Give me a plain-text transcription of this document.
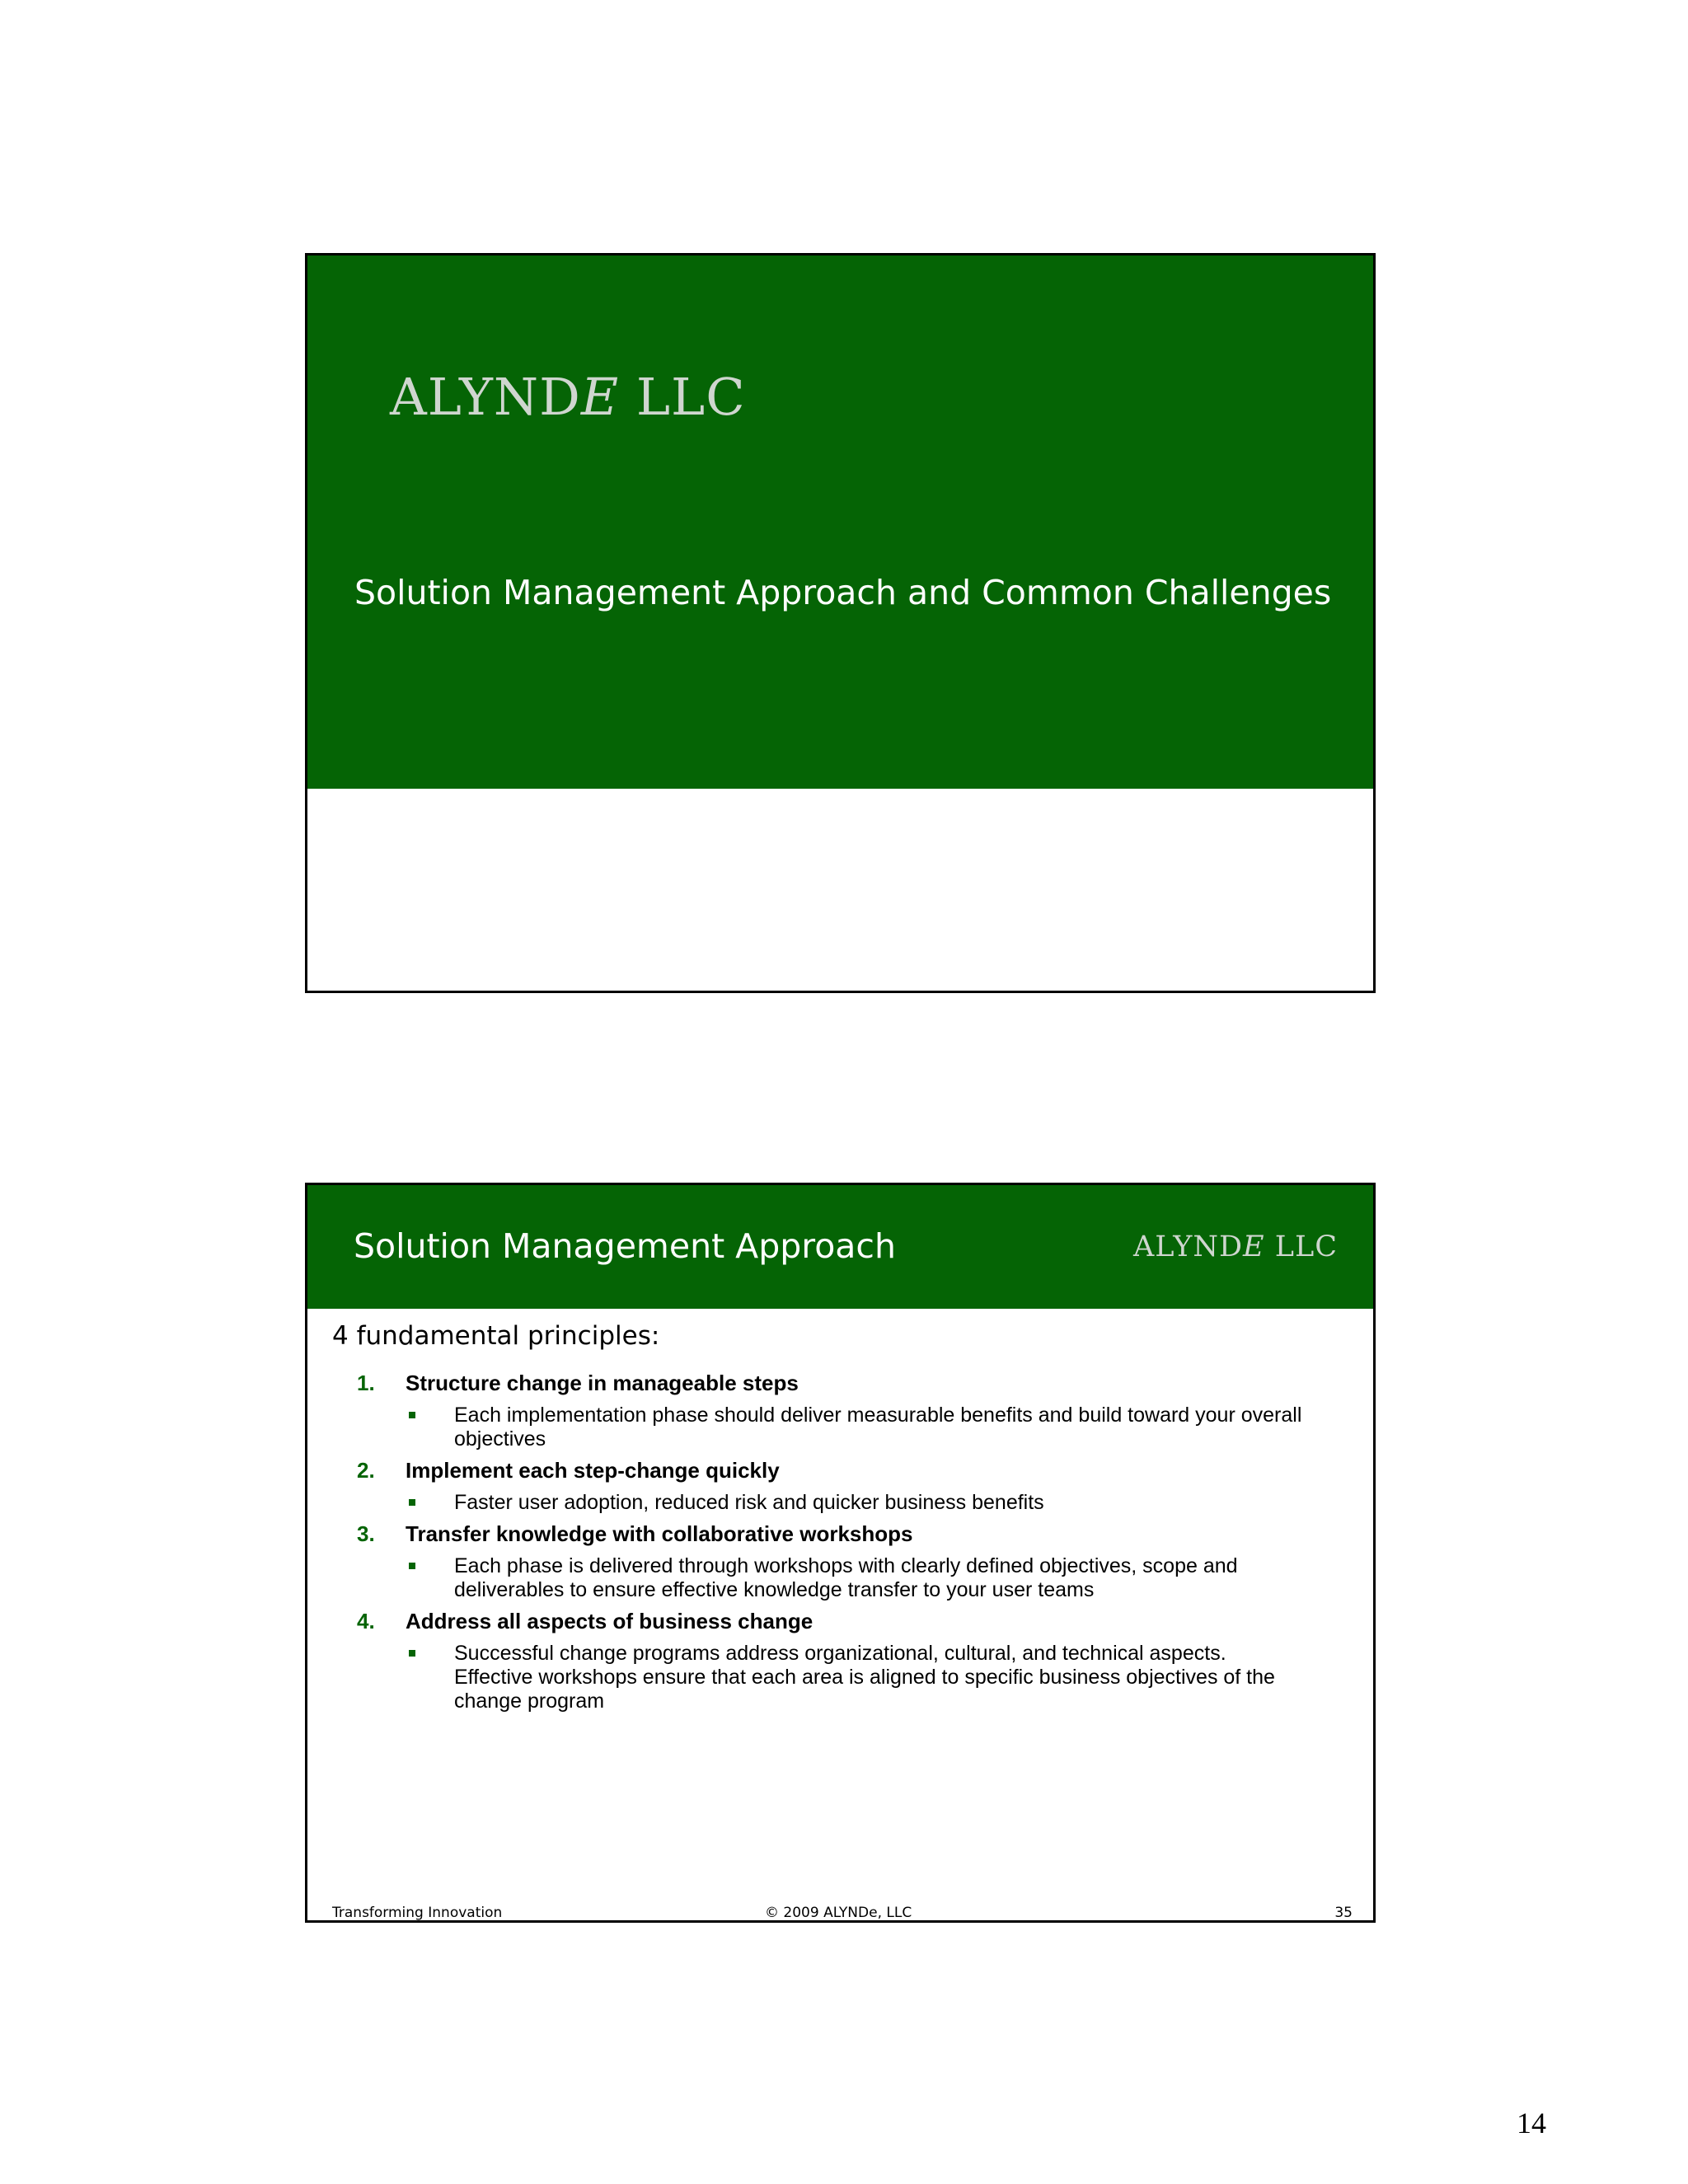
ALYNDE LLC
Solution Management Approach and Common Challenges
Solution Management Approach	ALYNDE LLC
4 fundamental principles:
1. Structure change in manageable steps
Each implementation phase should deliver measurable benefits and build toward your overall objectives
2. Implement each step-change quickly
Faster user adoption, reduced risk and quicker business benefits
3. Transfer knowledge with collaborative workshops
Each phase is delivered through workshops with clearly defined objectives, scope and deliverables to ensure effective knowledge transfer to your user teams
4. Address all aspects of business change
Successful change programs address organizational, cultural, and technical aspects. Effective workshops ensure that each area is aligned to specific business objectives of the change program
Transforming Innovation	© 2009 ALYNDe, LLC	35
14
